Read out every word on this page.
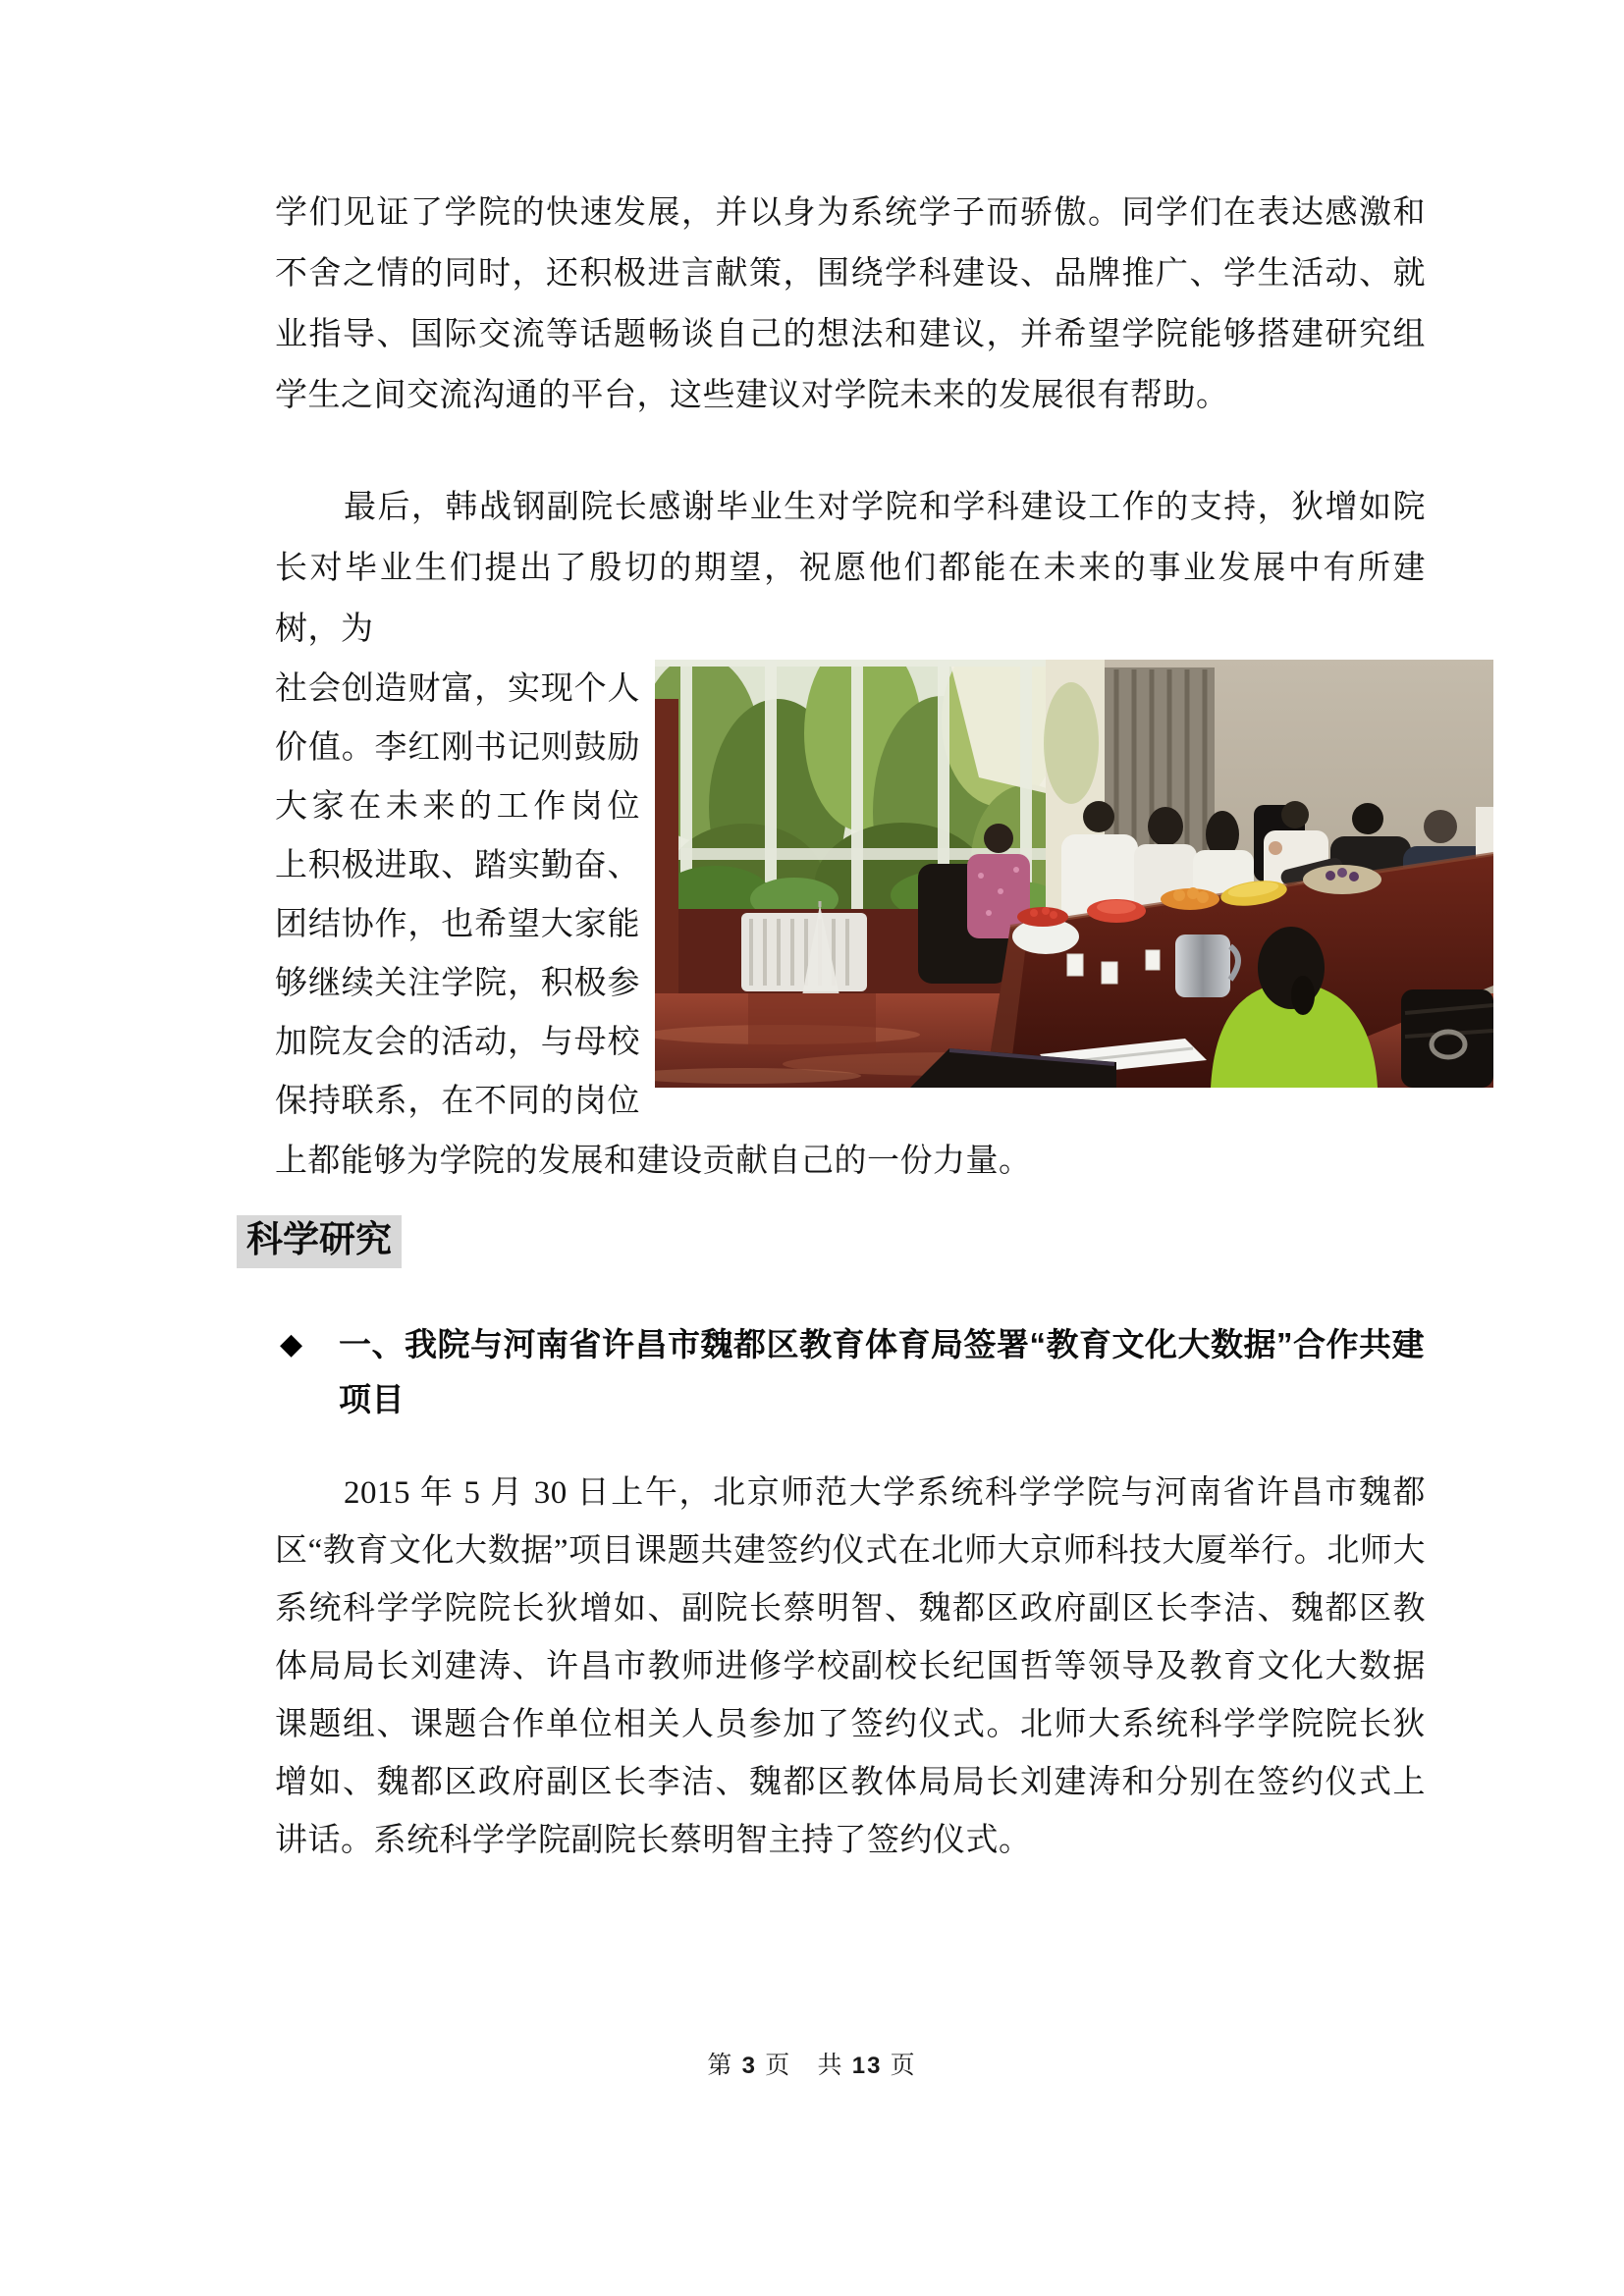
学们见证了学院的快速发展，并以身为系统学子而骄傲。同学们在表达感激和不舍之情的同时，还积极进言献策，围绕学科建设、品牌推广、学生活动、就业指导、国际交流等话题畅谈自己的想法和建议，并希望学院能够搭建研究组学生之间交流沟通的平台，这些建议对学院未来的发展很有帮助。

最后，韩战钢副院长感谢毕业生对学院和学科建设工作的支持，狄增如院长对毕业生们提出了殷切的期望，祝愿他们都能在未来的事业发展中有所建树，为

社会创造财富，实现个人
价值。李红刚书记则鼓励
大家在未来的工作岗位
上积极进取、踏实勤奋、
团结协作，也希望大家能
够继续关注学院，积极参
加院友会的活动，与母校
保持联系，在不同的岗位

上都能够为学院的发展和建设贡献自己的一份力量。

科学研究
◆	一、我院与河南省许昌市魏都区教育体育局签署“教育文化大数据”合作共建
项目

2015 年 5 月 30 日上午，北京师范大学系统科学学院与河南省许昌市魏都区“教育文化大数据”项目课题共建签约仪式在北师大京师科技大厦举行。北师大系统科学学院院长狄增如、副院长蔡明智、魏都区政府副区长李洁、魏都区教体局局长刘建涛、许昌市教师进修学校副校长纪国哲等领导及教育文化大数据课题组、课题合作单位相关人员参加了签约仪式。北师大系统科学学院院长狄增如、魏都区政府副区长李洁、魏都区教体局局长刘建涛和分别在签约仪式上讲话。系统科学学院副院长蔡明智主持了签约仪式。

第 3 页 共 13 页
